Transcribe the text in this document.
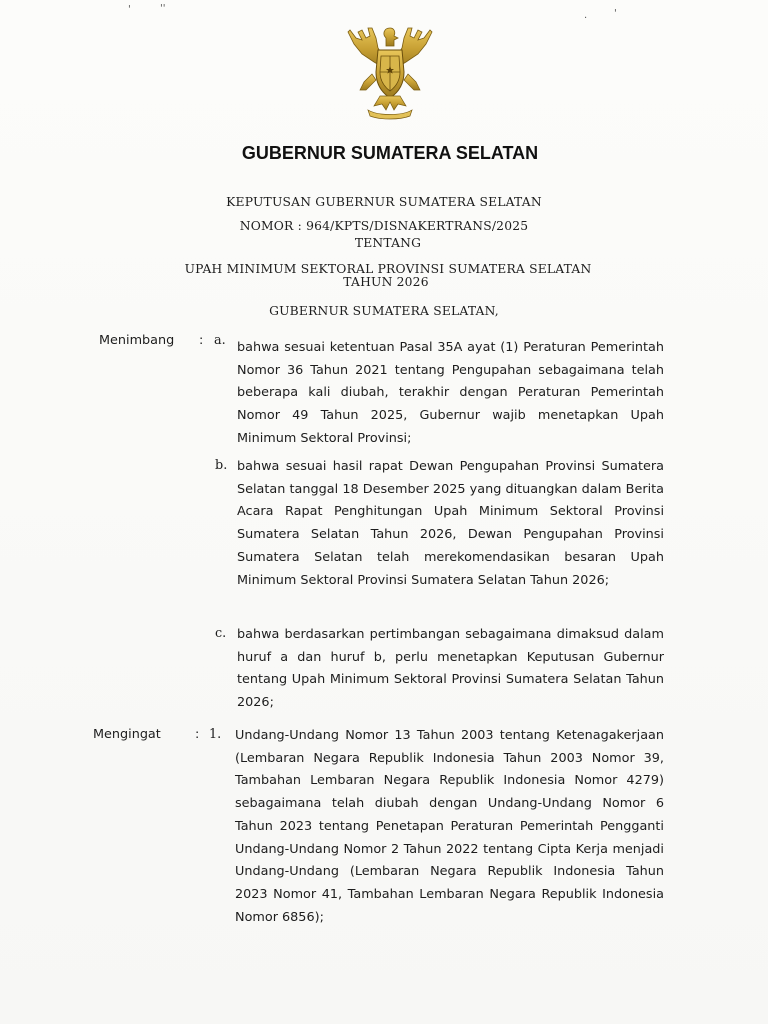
'	''
.	'
GUBERNUR SUMATERA SELATAN
KEPUTUSAN GUBERNUR SUMATERA SELATAN
NOMOR : 964/KPTS/DISNAKERTRANS/2025
TENTANG
UPAH MINIMUM SEKTORAL PROVINSI SUMATERA SELATAN
TAHUN 2026
GUBERNUR SUMATERA SELATAN,
Menimbang : a. bahwa sesuai ketentuan Pasal 35A ayat (1) Peraturan Pemerintah Nomor 36 Tahun 2021 tentang Pengupahan sebagaimana telah beberapa kali diubah, terakhir dengan Peraturan Pemerintah Nomor 49 Tahun 2025, Gubernur wajib menetapkan Upah Minimum Sektoral Provinsi;
b. bahwa sesuai hasil rapat Dewan Pengupahan Provinsi Sumatera Selatan tanggal 18 Desember 2025 yang dituangkan dalam Berita Acara Rapat Penghitungan Upah Minimum Sektoral Provinsi Sumatera Selatan Tahun 2026, Dewan Pengupahan Provinsi Sumatera Selatan telah merekomendasikan besaran Upah Minimum Sektoral Provinsi Sumatera Selatan Tahun 2026;
c. bahwa berdasarkan pertimbangan sebagaimana dimaksud dalam huruf a dan huruf b, perlu menetapkan Keputusan Gubernur tentang Upah Minimum Sektoral Provinsi Sumatera Selatan Tahun 2026;
Mengingat	: 1. Undang-Undang Nomor 13 Tahun 2003 tentang Ketenagakerjaan (Lembaran Negara Republik Indonesia Tahun 2003 Nomor 39, Tambahan Lembaran Negara Republik Indonesia Nomor 4279) sebagaimana telah diubah dengan Undang-Undang Nomor 6 Tahun 2023 tentang Penetapan Peraturan Pemerintah Pengganti Undang-Undang Nomor 2 Tahun 2022 tentang Cipta Kerja menjadi Undang-Undang (Lembaran Negara Republik Indonesia Tahun 2023 Nomor 41, Tambahan Lembaran Negara Republik Indonesia Nomor 6856);
